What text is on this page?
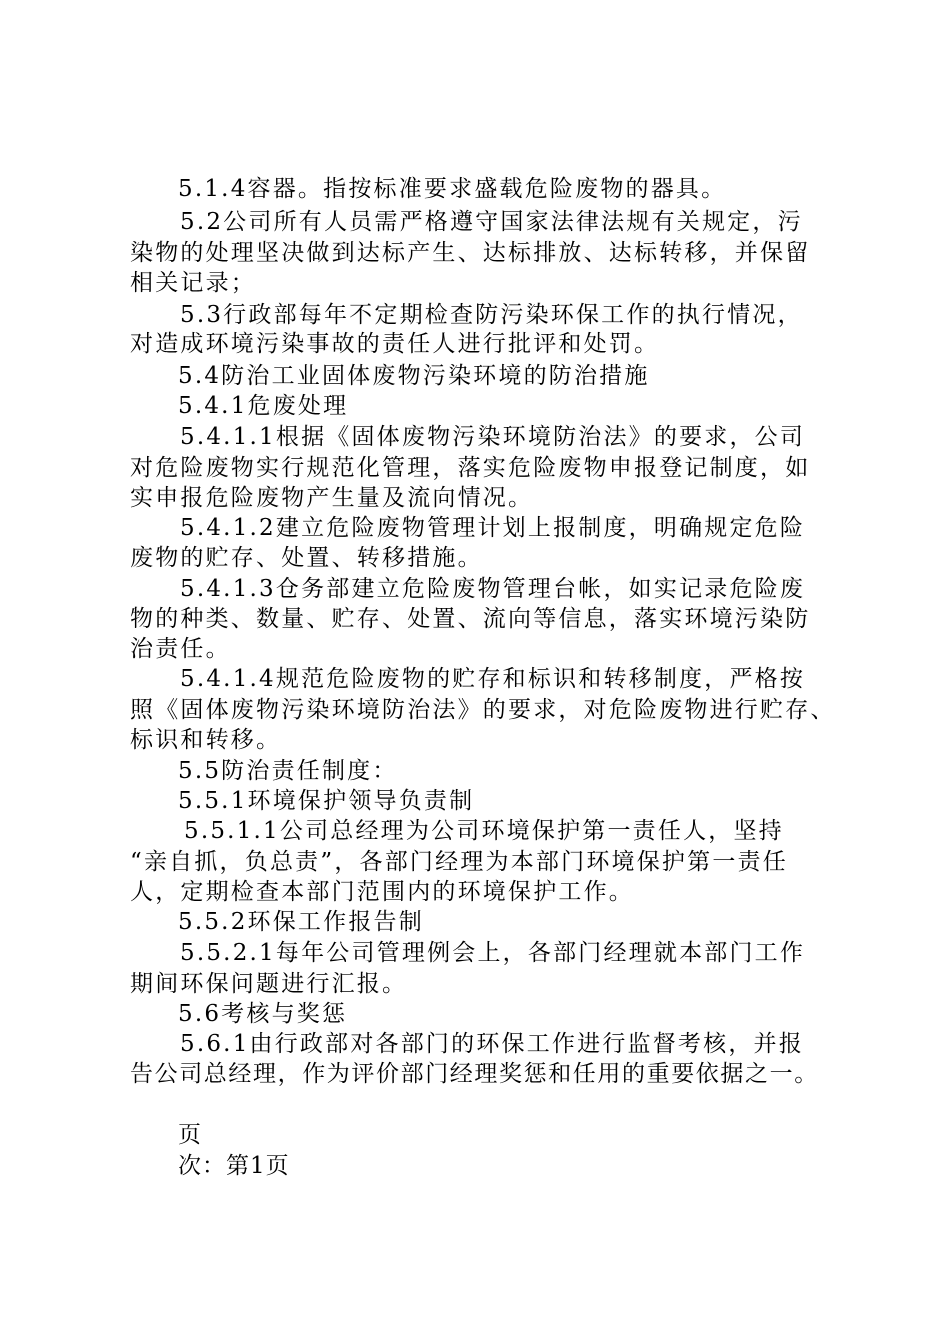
5.1.4容器。指按标准要求盛载危险废物的器具。
5.2公司所有人员需严格遵守国家法律法规有关规定，污
染物的处理坚决做到达标产生、达标排放、达标转移，并保留
相关记录；
5.3行政部每年不定期检查防污染环保工作的执行情况，
对造成环境污染事故的责任人进行批评和处罚。
5.4防治工业固体废物污染环境的防治措施
5.4.1危废处理
5.4.1.1根据《固体废物污染环境防治法》的要求，公司
对危险废物实行规范化管理，落实危险废物申报登记制度，如
实申报危险废物产生量及流向情况。
5.4.1.2建立危险废物管理计划上报制度，明确规定危险
废物的贮存、处置、转移措施。
5.4.1.3仓务部建立危险废物管理台帐，如实记录危险废
物的种类、数量、贮存、处置、流向等信息，落实环境污染防
治责任。
5.4.1.4规范危险废物的贮存和标识和转移制度，严格按
照《固体废物污染环境防治法》的要求，对危险废物进行贮存、
标识和转移。
5.5防治责任制度：
5.5.1环境保护领导负责制
5.5.1.1公司总经理为公司环境保护第一责任人，坚持
“亲自抓，负总责”，各部门经理为本部门环境保护第一责任
人，定期检查本部门范围内的环境保护工作。
5.5.2环保工作报告制
5.5.2.1每年公司管理例会上，各部门经理就本部门工作
期间环保问题进行汇报。
5.6考核与奖惩
5.6.1由行政部对各部门的环保工作进行监督考核，并报
告公司总经理，作为评价部门经理奖惩和任用的重要依据之一。
页
次：第1页
